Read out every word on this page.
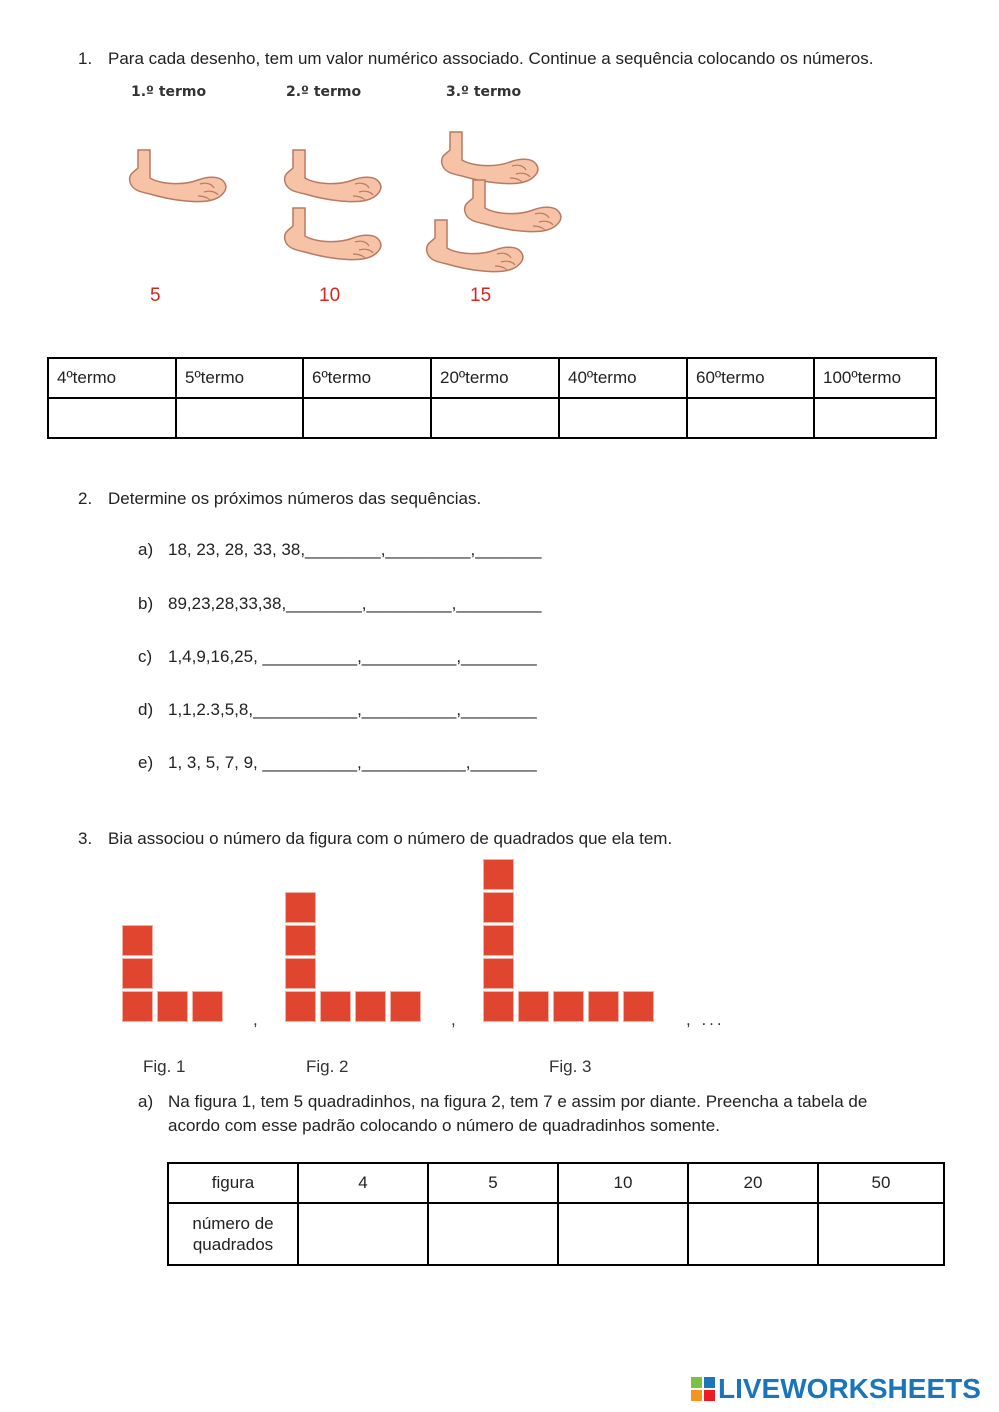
1. Para cada desenho, tem um valor numérico associado. Continue a sequência colocando os números.
1.º termo	2.º termo	3.º termo
5	10	15
4ºtermo	5ºtermo	6ºtermo	20ºtermo	40ºtermo	60ºtermo	100ºtermo

2. Determine os próximos números das sequências.
a) 18, 23, 28, 33, 38,________,_________,_______
b) 89,23,28,33,38,________,_________,_________
c) 1,4,9,16,25, __________,__________,________
d) 1,1,2.3,5,8,___________,__________,________
e) 1, 3, 5, 7, 9, __________,___________,_______
3. Bia associou o número da figura com o número de quadrados que ela tem.
,	,	, ...
Fig. 1	Fig. 2	Fig. 3
a) Na figura 1, tem 5 quadradinhos, na figura 2, tem 7 e assim por diante. Preencha a tabela de
acordo com esse padrão colocando o número de quadradinhos somente.
figura	4	5	10	20	50

número de
quadrados					

LIVEWORKSHEETS
